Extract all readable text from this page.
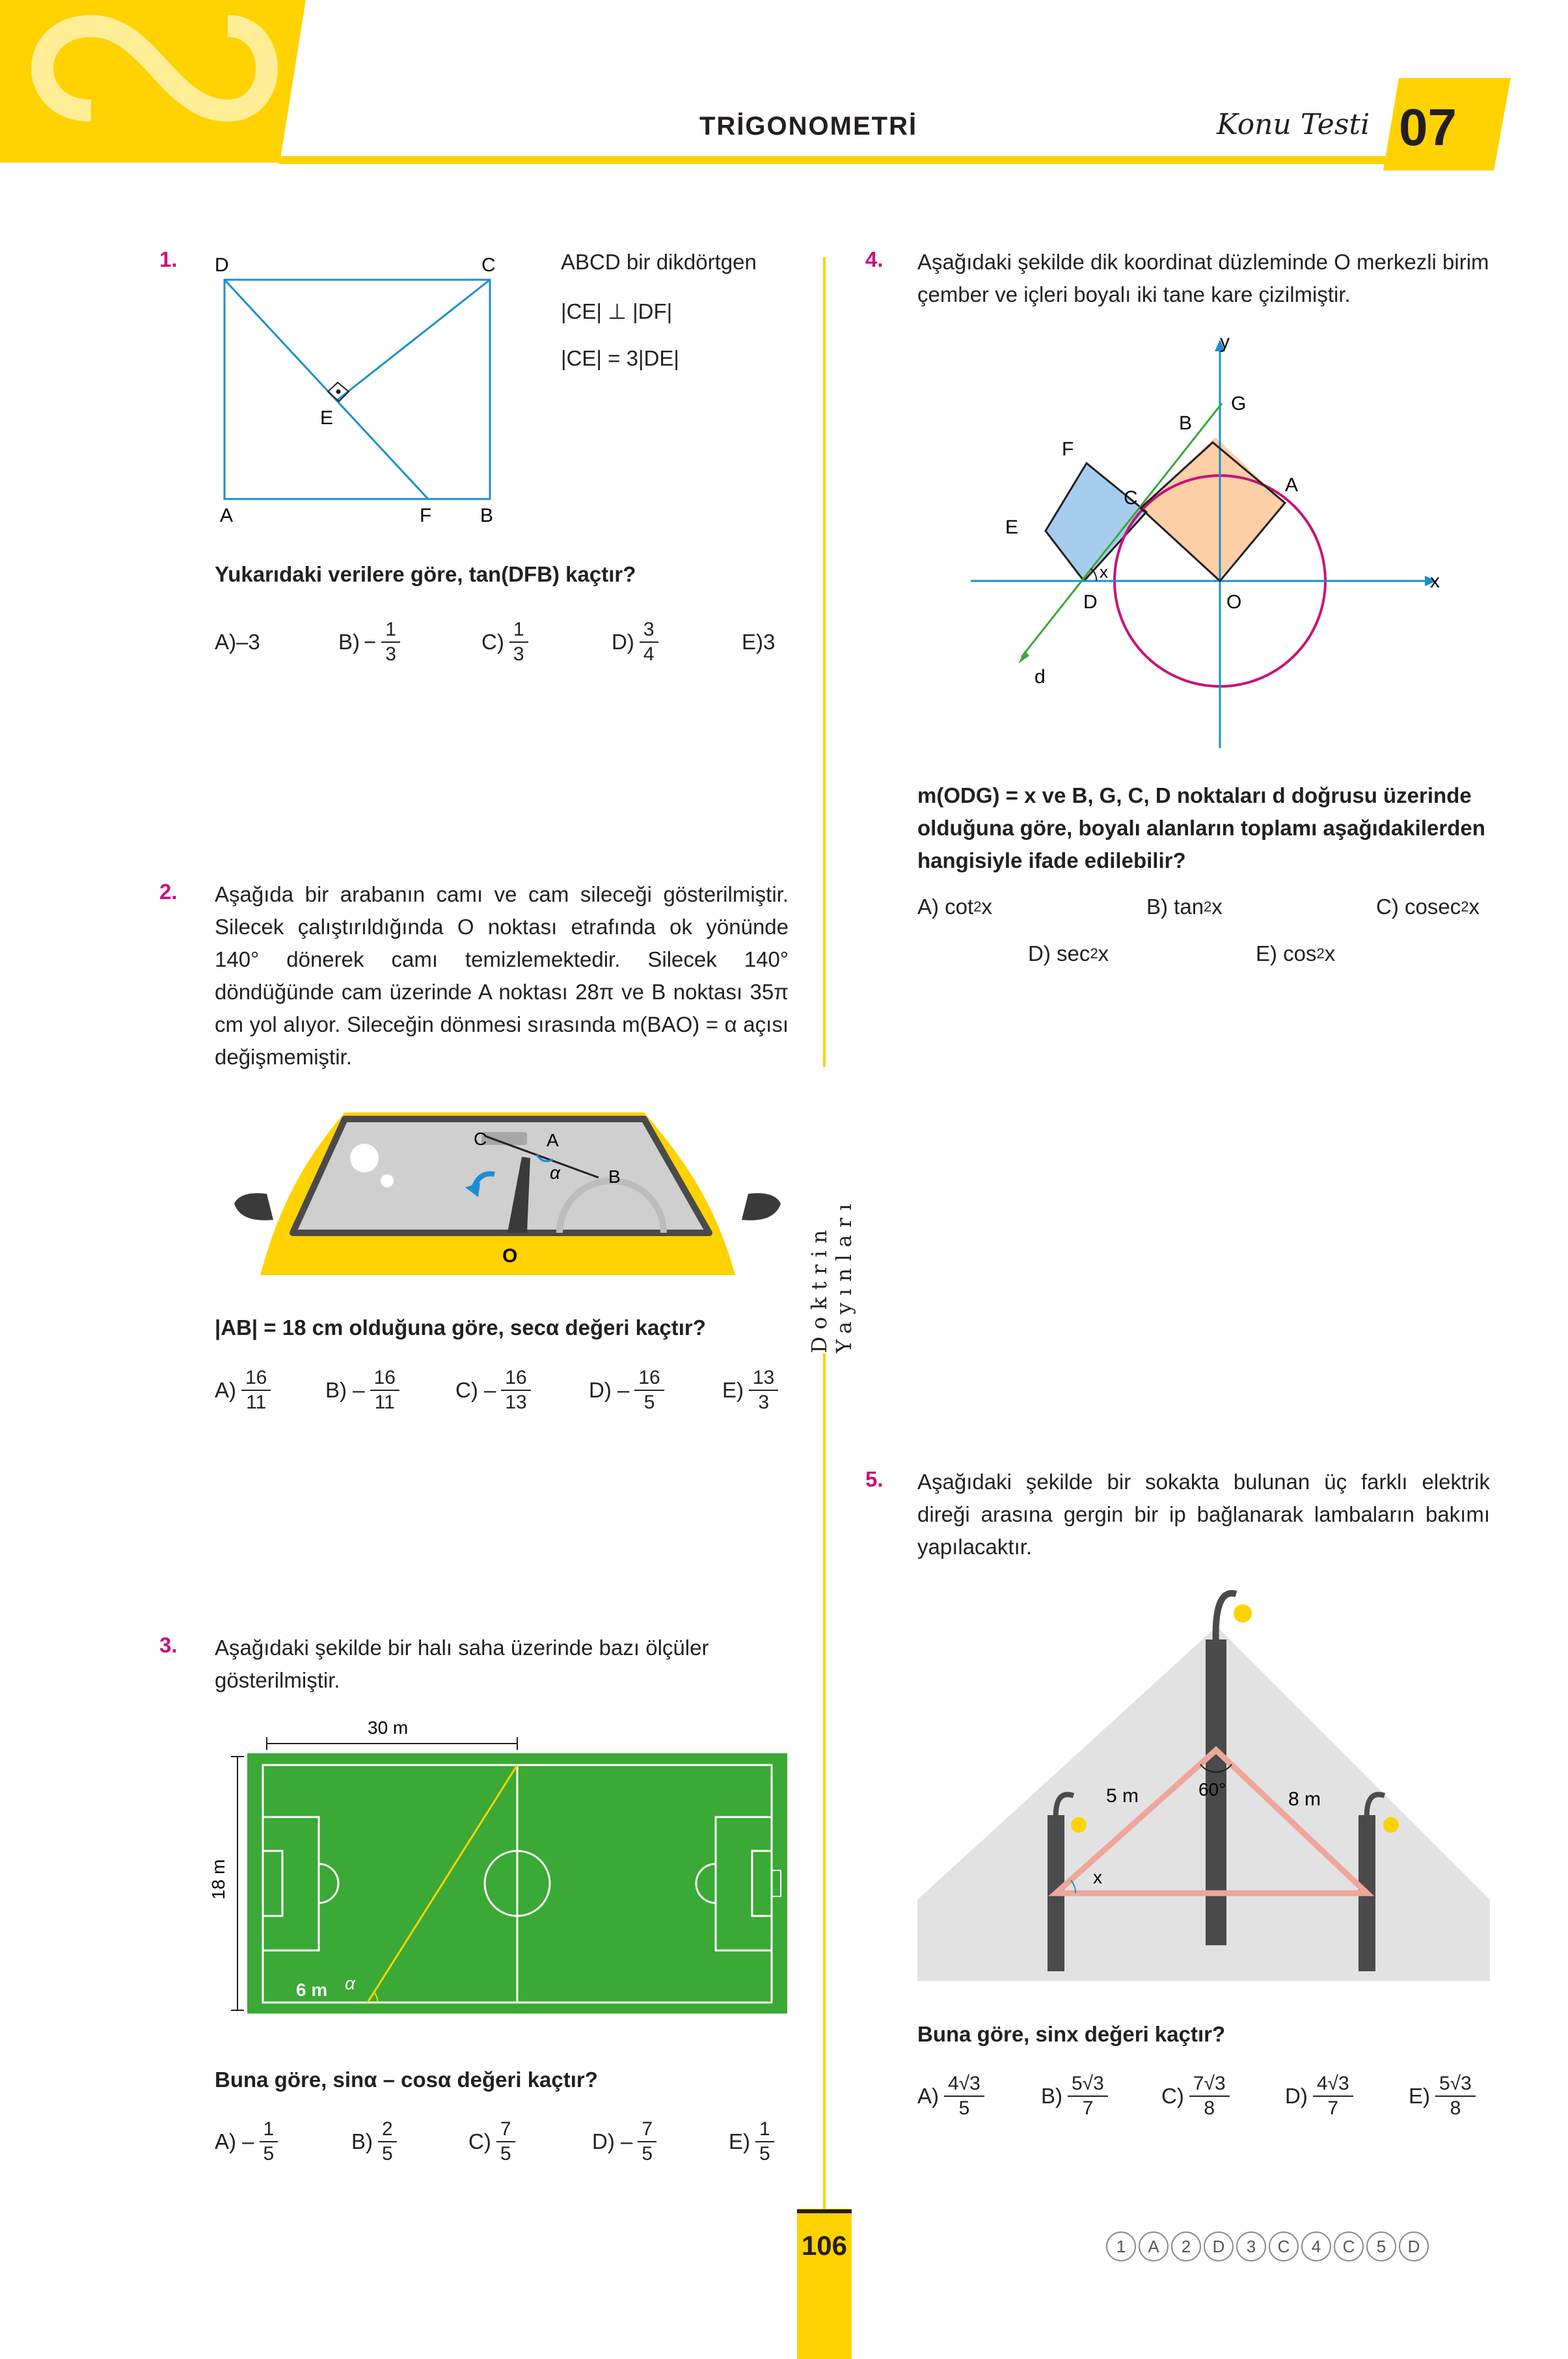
TRİGONOMETRİ	Konu Testi 07
Doktrin Yayınları
1. D	C
E
A	F B
ABCD bir dikdörtgen
|CE| ⊥ |DF|
|CE| = 3|DE|
Yukarıdaki verilere göre, tan(DFB) kaçtır?
A) –3	$B) - \frac{1}{3}$	$C) \frac{1}{3}$	$D) \frac{3}{4}$	E) 3
2. Aşağıda bir arabanın camı ve cam sileceği gösterilmiştir. Silecek çalıştırıldığında O noktası etrafında ok yönünde 140° dönerek camı temizlemektedir. Silecek 140° döndüğünde cam üzerinde A noktası 28π ve B noktası 35π cm yol alıyor. Sileceğin dönmesi sırasında m(BAO) = α açısı değişmemiştir.
C	A
B
α
O
|AB| = 18 cm olduğuna göre, secα değeri kaçtır?
$A) \frac{16}{11}$	$B) - \frac{16}{11}$	$C) - \frac{16}{13}$	$D) - \frac{16}{5}$	$E) \frac{13}{3}$
3. Aşağıdaki şekilde bir halı saha üzerinde bazı ölçüler gösterilmiştir.
30 m
18 m
6 m α
Buna göre, sinα – cosα değeri kaçtır?
$A) - \frac{1}{5}$	$B) \frac{2}{5}$	$C) \frac{7}{5}$	$D) - \frac{7}{5}$	$E) \frac{1}{5}$
4. Aşağıdaki şekilde dik koordinat düzleminde O merkezli birim çember ve içleri boyalı iki tane kare çizilmiştir.
y
x
G
B
F
A
C
E
x
D	O
d
m(ODG) = x ve B, G, C, D noktaları d doğrusu üzerinde olduğuna göre, boyalı alanların toplamı aşağıdakilerden hangisiyle ifade edilebilir?
A) cot 2 x	B) tan 2 x	C) cosec 2 x
D) sec 2 x	E) cos 2 x
5. Aşağıdaki şekilde bir sokakta bulunan üç farklı elektrik direği arasına gergin bir ip bağlanarak lambaların bakımı yapılacaktır.
5 m	8 m
60°
x
Buna göre, sinx değeri kaçtır?
$A) \frac{4√3}{5}$	$B) \frac{5√3}{7} C) \frac{7√3}{8}$	$D) \frac{4√3}{7}$	$E) \frac{5√3}{8}$
106	1	A	2	D	3	C	4	C	5	D
